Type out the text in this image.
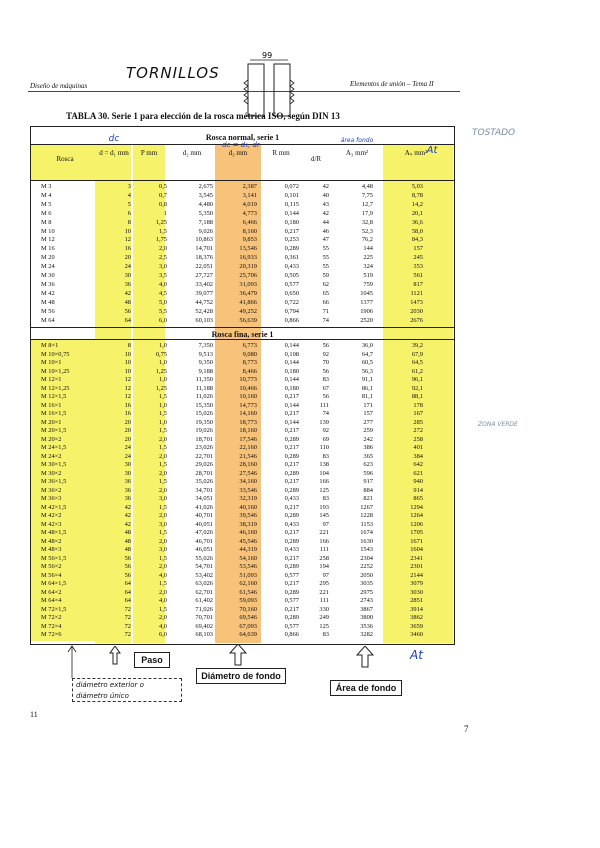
Diseño de máquinas	Elementos de unión – Tema II
TORNILLOS
99
TABLA 30. Serie 1 para elección de la rosca métrica ISO, según DIN 13
TOSTADO
ZONA VERDE
Rosca normal, serie 1
Rosca
d = d₁ mm	P mm	d₂ mm	d₃ mm	R mm
d/R
A₃ mm²	Aₛ mm²
dc
dc = d₁, dr
área fondo
At
M 3	3	0,5	2,675	2,387	0,072	42	4,48	5,03
M 4	4	0,7	3,545	3,141	0,101	40	7,75	8,78
M 5	5	0,8	4,480	4,019	0,115	43	12,7	14,2
M 6	6	1	5,350	4,773	0,144	42	17,9	20,1
M 8	8	1,25	7,188	6,466	0,180	44	32,8	36,6
M 10	10	1,5	9,026	8,160	0,217	46	52,3	58,0
M 12	12	1,75	10,863	9,853	0,253	47	76,2	84,3
M 16	16	2,0	14,701	13,546	0,289	55	144	157
M 20	20	2,5	18,376	16,933	0,361	55	225	245
M 24	24	3,0	22,051	20,319	0,433	55	324	353
M 30	30	3,5	27,727	25,706	0,505	59	519	561
M 36	36	4,0	33,402	31,093	0,577	62	759	817
M 42	42	4,5	39,077	36,479	0,650	65	1045	1121
M 48	48	5,0	44,752	41,866	0,722	66	1377	1473
M 56	56	5,5	52,428	49,252	0,794	71	1906	2030
M 64	64	6,0	60,103	56,639	0,866	74	2520	2676
Rosca fina, serie 1
M 8×1	8	1,0	7,350	6,773	0,144	56	36,0	39,2
M 10×0,75	10	0,75	9,513	9,080	0,108	92	64,7	67,9
M 10×1	10	1,0	9,350	8,773	0,144	70	60,5	64,5
M 10×1,25	10	1,25	9,188	8,466	0,180	56	56,3	61,2
M 12×1	12	1,0	11,350	10,773	0,144	83	91,1	96,1
M 12×1,25	12	1,25	11,188	10,466	0,180	67	86,1	92,1
M 12×1,5	12	1,5	11,026	10,160	0,217	56	81,1	88,1
M 16×1	16	1,0	15,350	14,773	0,144	111	171	178
M 16×1,5	16	1,5	15,026	14,160	0,217	74	157	167
M 20×1	20	1,0	19,350	18,773	0,144	139	277	285
M 20×1,5	20	1,5	19,026	18,160	0,217	92	259	272
M 20×2	20	2,0	18,701	17,546	0,289	69	242	258
M 24×1,5	24	1,5	23,026	22,160	0,217	110	386	401
M 24×2	24	2,0	22,701	21,546	0,289	83	365	384
M 30×1,5	30	1,5	29,026	28,160	0,217	138	623	642
M 30×2	30	2,0	28,701	27,546	0,289	104	596	621
M 36×1,5	36	1,5	35,026	34,160	0,217	166	917	940
M 36×2	36	2,0	34,701	33,546	0,289	125	884	914
M 36×3	36	3,0	34,051	32,319	0,433	83	821	865
M 42×1,5	42	1,5	41,026	40,160	0,217	193	1267	1294
M 42×2	42	2,0	40,701	39,546	0,289	145	1228	1264
M 42×3	42	3,0	40,051	38,319	0,433	97	1153	1206
M 48×1,5	48	1,5	47,026	46,160	0,217	221	1674	1705
M 48×2	48	2,0	46,701	45,546	0,289	166	1630	1671
M 48×3	48	3,0	46,051	44,319	0,433	111	1543	1604
M 56×1,5	56	1,5	55,026	54,160	0,217	258	2304	2341
M 56×2	56	2,0	54,701	53,546	0,289	194	2252	2301
M 56×4	56	4,0	53,402	51,093	0,577	97	2050	2144
M 64×1,5	64	1,5	63,026	62,160	0,217	295	3035	3079
M 64×2	64	2,0	62,701	61,546	0,289	221	2975	3030
M 64×4	64	4,0	61,402	59,093	0,577	111	2743	2851
M 72×1,5	72	1,5	71,026	70,160	0,217	330	3867	3914
M 72×2	72	2,0	70,701	69,546	0,289	249	3800	3862
M 72×4	72	4,0	69,402	67,093	0,577	125	3536	3659
M 72×6	72	6,0	68,103	64,639	0,866	83	3282	3460
Paso
Diámetro de fondo
Área de fondo
At
diámetro exterior o
diámetro único
11
7
